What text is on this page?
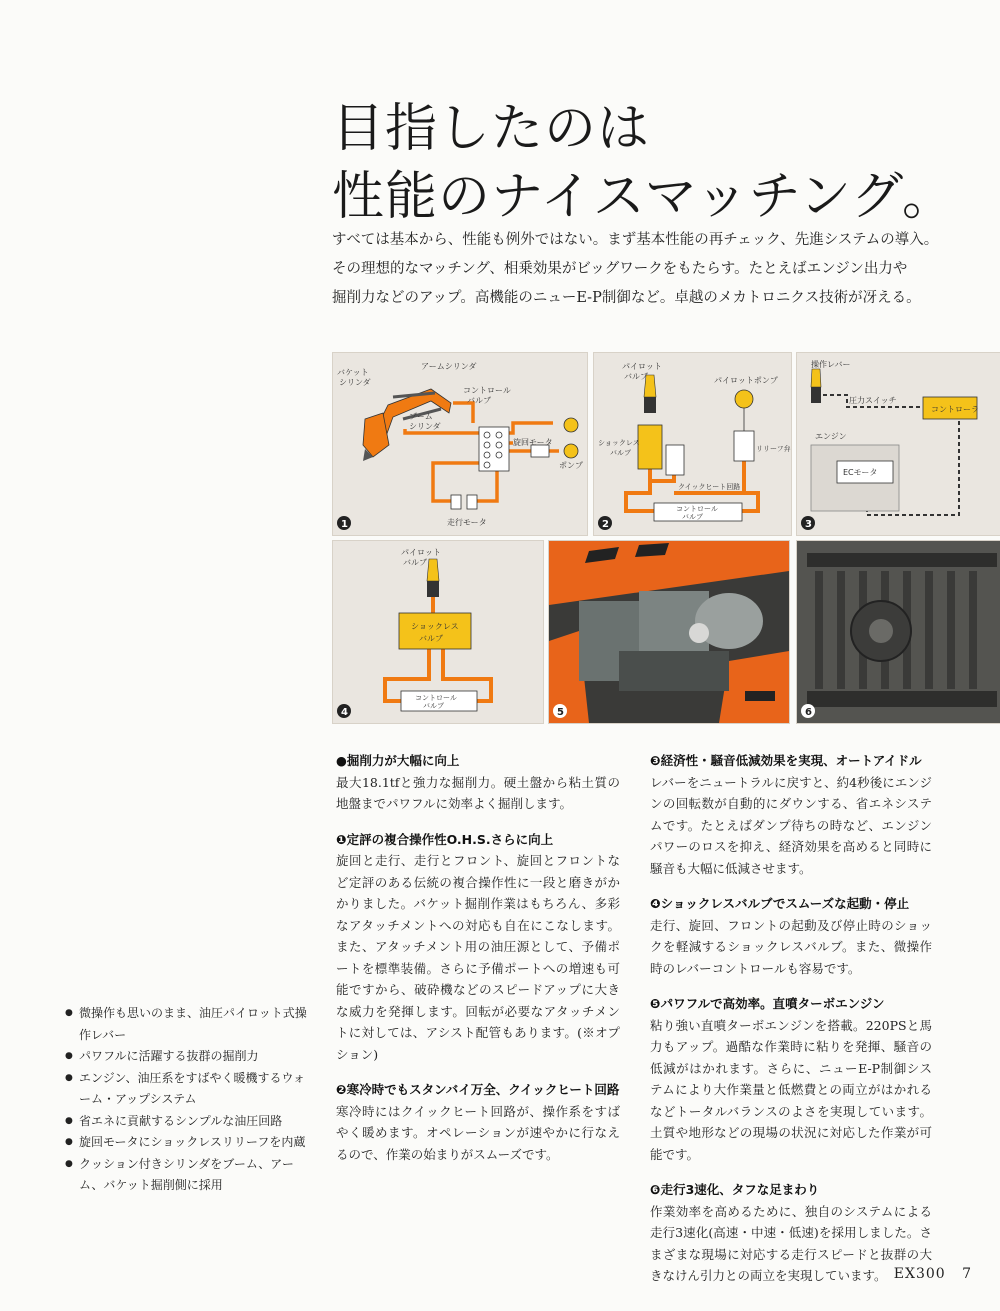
目指したのは
性能のナイスマッチング。

すべては基本から、性能も例外ではない。まず基本性能の再チェック、先進システムの導入。

その理想的なマッチング、相乗効果がビッグワークをもたらす。たとえばエンジン出力や

掘削力などのアップ。高機能のニューE-P制御など。卓越のメカトロニクス技術が冴える。

バケット
シリンダ
アームシリンダ
コントロール
バルブ
ブーム
シリンダ
旋回モータ
ポンプ
走行モータ
1
パイロット
バルブ	パイロットポンプ
ショックレス
バルブ	リリーフ弁
クイックヒート回路
コントロール
バルブ
2
操作レバー
圧力スイッチ
コントローラ
エンジン
ECモータ
3
パイロット
バルブ
ショックレス
バルブ
コントロール
バルブ
4	5	6
●掘削力が大幅に向上

最大18.1tfと強力な掘削力。硬土盤から粘土質の地盤までパワフルに効率よく掘削します。

❶定評の複合操作性O.H.S.さらに向上

旋回と走行、走行とフロント、旋回とフロントなど定評のある伝統の複合操作性に一段と磨きがかかりました。バケット掘削作業はもちろん、多彩なアタッチメントへの対応も自在にこなします。また、アタッチメント用の油圧源として、予備ポートを標準装備。さらに予備ポートへの増速も可能ですから、破砕機などのスピードアップに大きな威力を発揮します。回転が必要なアタッチメントに対しては、アシスト配管もあります。(※オプション)

❷寒冷時でもスタンバイ万全、クイックヒート回路

寒冷時にはクイックヒート回路が、操作系をすばやく暖めます。オペレーションが速やかに行なえるので、作業の始まりがスムーズです。

❸経済性・騒音低減効果を実現、オートアイドル

レバーをニュートラルに戻すと、約4秒後にエンジンの回転数が自動的にダウンする、省エネシステムです。たとえばダンプ待ちの時など、エンジンパワーのロスを抑え、経済効果を高めると同時に騒音も大幅に低減させます。

❹ショックレスバルブでスムーズな起動・停止

走行、旋回、フロントの起動及び停止時のショックを軽減するショックレスバルブ。また、微操作時のレバーコントロールも容易です。

❺パワフルで高効率。直噴ターボエンジン

粘り強い直噴ターボエンジンを搭載。220PSと馬力もアップ。過酷な作業時に粘りを発揮、騒音の低減がはかれます。さらに、ニューE-P制御システムにより大作業量と低燃費との両立がはかれるなどトータルバランスのよさを実現しています。土質や地形などの現場の状況に対応した作業が可能です。

❻走行3速化、タフな足まわり

作業効率を高めるために、独自のシステムによる走行3速化(高速・中速・低速)を採用しました。さまざまな現場に対応する走行スピードと抜群の大きなけん引力との両立を実現しています。

● 微操作も思いのまま、油圧パイロット式操作レバー
● パワフルに活躍する抜群の掘削力
● エンジン、油圧系をすばやく暖機するウォーム・アップシステム
● 省エネに貢献するシンプルな油圧回路
● 旋回モータにショックレスリリーフを内蔵
● クッション付きシリンダをブーム、アーム、バケット掘削側に採用
EX300 7
